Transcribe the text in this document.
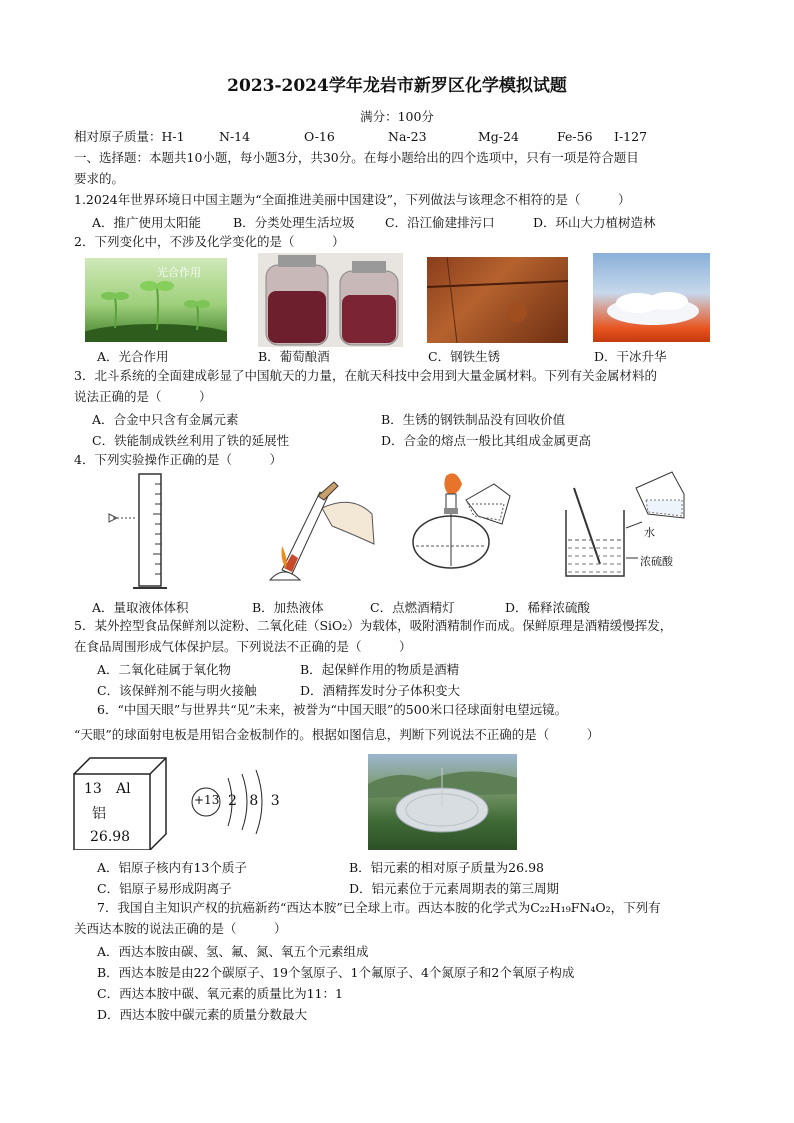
2023-2024学年龙岩市新罗区化学模拟试题
满分：100分
相对原子质量：H-1	N-14	O-16	Na-23	Mg-24	Fe-56 I-127
一、选择题：本题共10小题，每小题3分，共30分。在每小题给出的四个选项中，只有一项是符合题目
要求的。
1.2024年世界环境日中国主题为“全面推进美丽中国建设”，下列做法与该理念不相符的是（　　　）
A．推广使用太阳能	B．分类处理生活垃圾 C．沿江偷建排污口	D．环山大力植树造林
2．下列变化中，不涉及化学变化的是（　　　）
光合作用
A．光合作用	B．葡萄酿酒	C．钢铁生锈	D．干冰升华
3．北斗系统的全面建成彰显了中国航天的力量，在航天科技中会用到大量金属材料。下列有关金属材料的
说法正确的是（　　　）
A．合金中只含有金属元素	B．生锈的钢铁制品没有回收价值
C．铁能制成铁丝利用了铁的延展性	D．合金的熔点一般比其组成金属更高
4．下列实验操作正确的是（　　　）
水
浓硫酸
A．量取液体体积	B．加热液体	C．点燃酒精灯	D．稀释浓硫酸
5．某外控型食品保鲜剂以淀粉、二氧化硅（SiO₂）为载体，吸附酒精制作而成。保鲜原理是酒精缓慢挥发，
在食品周围形成气体保护层。下列说法不正确的是（　　　）
A．二氧化硅属于氧化物	B．起保鲜作用的物质是酒精
C．该保鲜剂不能与明火接触	D．酒精挥发时分子体积变大
6．“中国天眼”与世界共“见”未来，被誉为“中国天眼”的500米口径球面射电望远镜。
“天眼”的球面射电板是用铝合金板制作的。根据如图信息，判断下列说法不正确的是（　　　）
13 Al
铝
26.98
+13 2 8 3
A．铝原子核内有13个质子	B．铝元素的相对原子质量为26.98
C．铝原子易形成阴离子	D．铝元素位于元素周期表的第三周期
7．我国自主知识产权的抗癌新药“西达本胺”已全球上市。西达本胺的化学式为C₂₂H₁₉FN₄O₂，下列有
关西达本胺的说法正确的是（　　　）
A．西达本胺由碳、氢、氟、氮、氧五个元素组成
B．西达本胺是由22个碳原子、19个氢原子、1个氟原子、4个氮原子和2个氧原子构成
C．西达本胺中碳、氧元素的质量比为11：1
D．西达本胺中碳元素的质量分数最大
